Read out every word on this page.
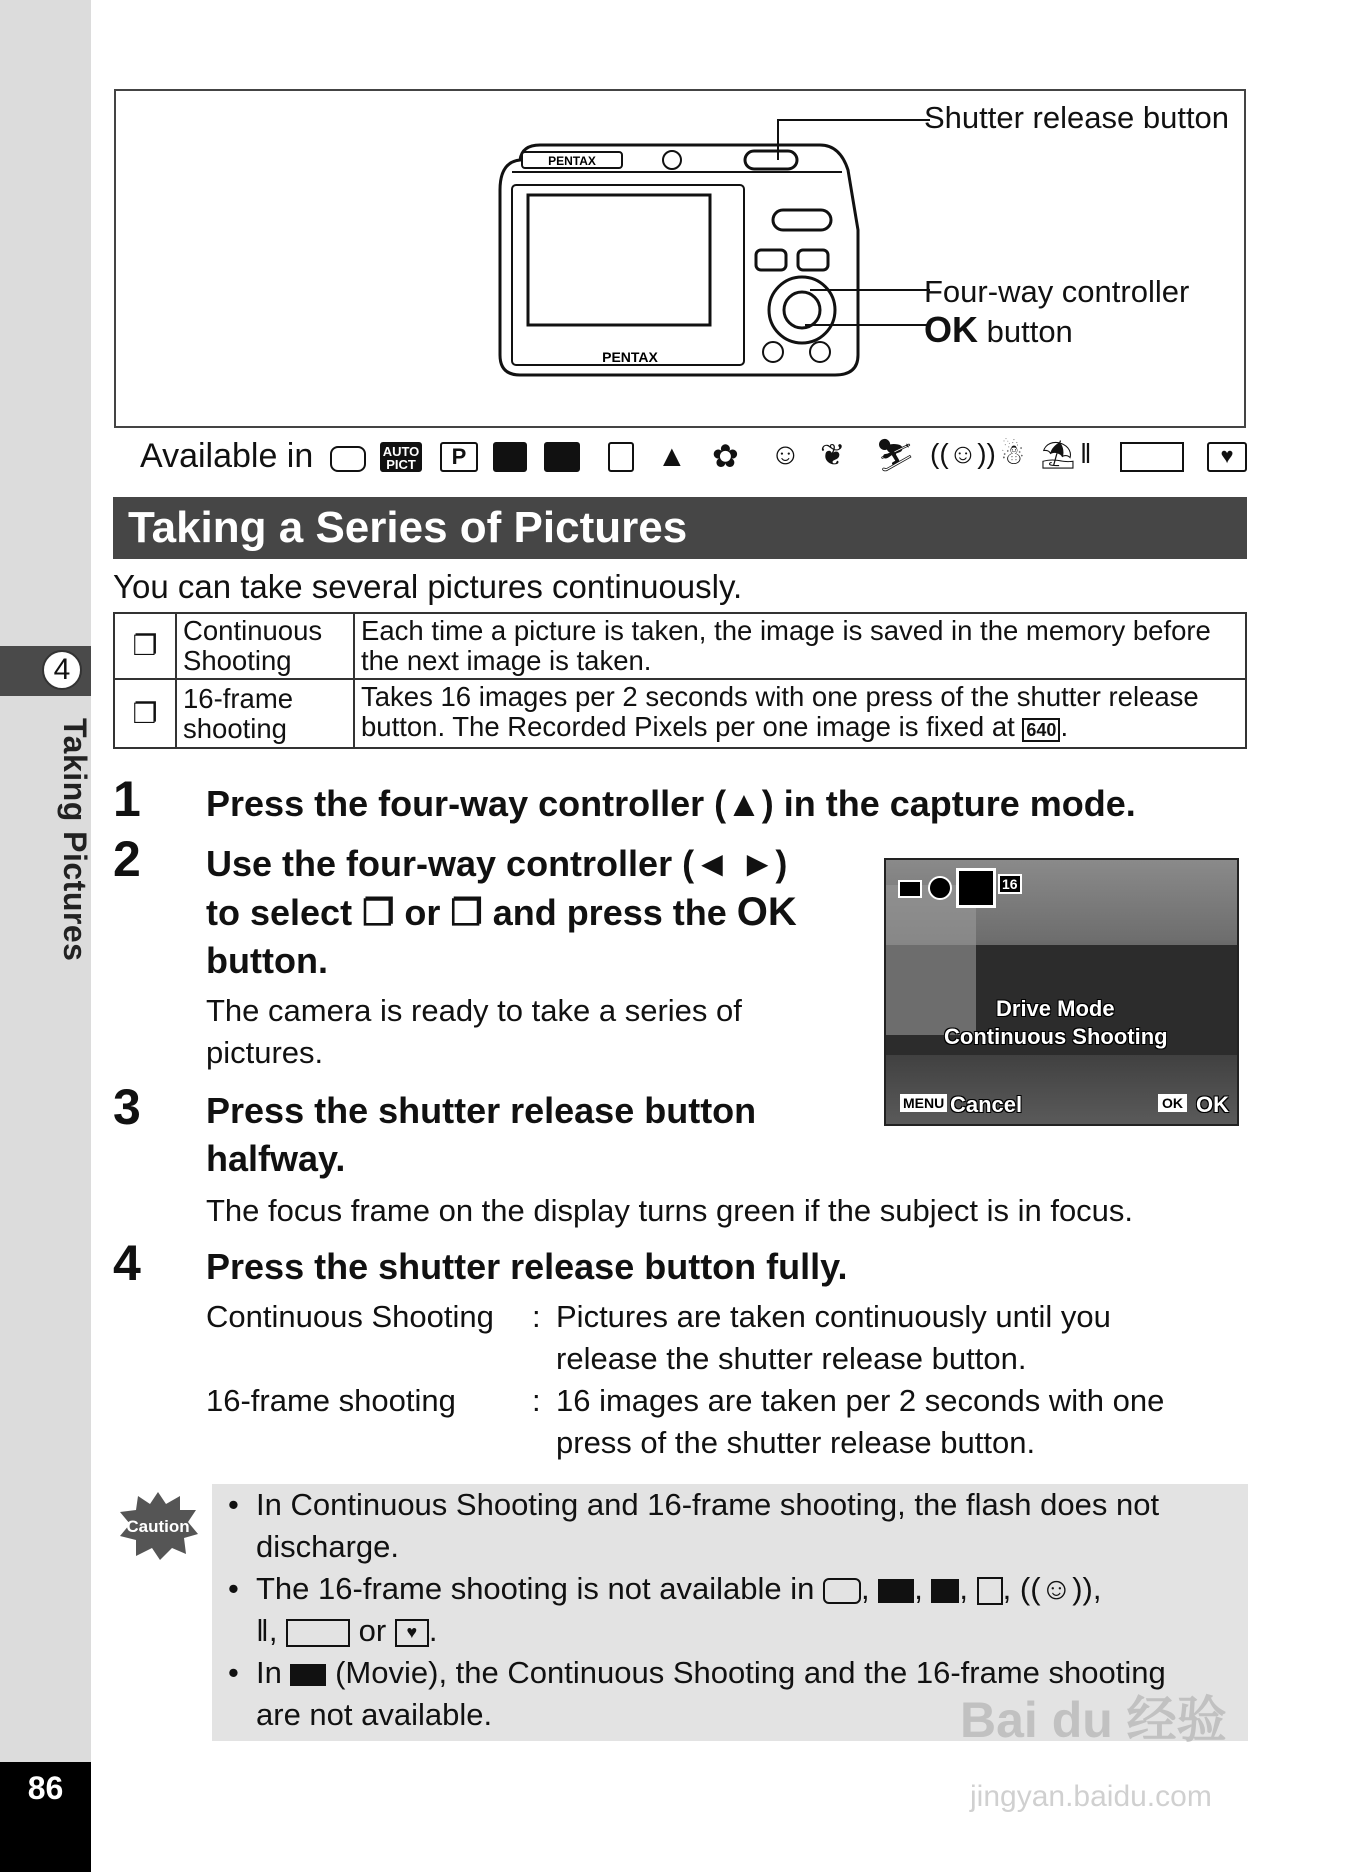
4
Taking Pictures
86
PENTAX
PENTAX
Shutter release button
Four-way controller
OK button
Available in	AUTO
PICT	P	▲ ✿ ☺ ❦ ⛷ ((☺)) ☃ ⛱ ǁ	♥
Taking a Series of Pictures
You can take several pictures continuously.
❐	Continuous Shooting	Each time a picture is taken, the image is saved in the memory before the next image is taken.
❐	16-frame shooting	Takes 16 images per 2 seconds with one press of the shutter release button. The Recorded Pixels per one image is fixed at 640 .
1 Press the four-way controller (▲) in the capture mode.
2 Use the four-way controller (◄ ►)
to select ❐ or ❐ and press the OK
button.
The camera is ready to take a series of pictures.
16
Drive Mode
Continuous Shooting
MENU Cancel	OK OK
3 Press the shutter release button halfway.
The focus frame on the display turns green if the subject is in focus.
4 Press the shutter release button fully.
Continuous Shooting : Pictures are taken continuously until you release the shutter release button.
16-frame shooting : 16 images are taken per 2 seconds with one press of the shutter release button.
Caution
• In Continuous Shooting and 16-frame shooting, the flash does not discharge.
• The 16-frame shooting is not available in , , , , ((☺)),
ǁ,  or ♥ .
• In (Movie), the Continuous Shooting and the 16-frame shooting are not available.	Bai du 经验
jingyan.baidu.com
